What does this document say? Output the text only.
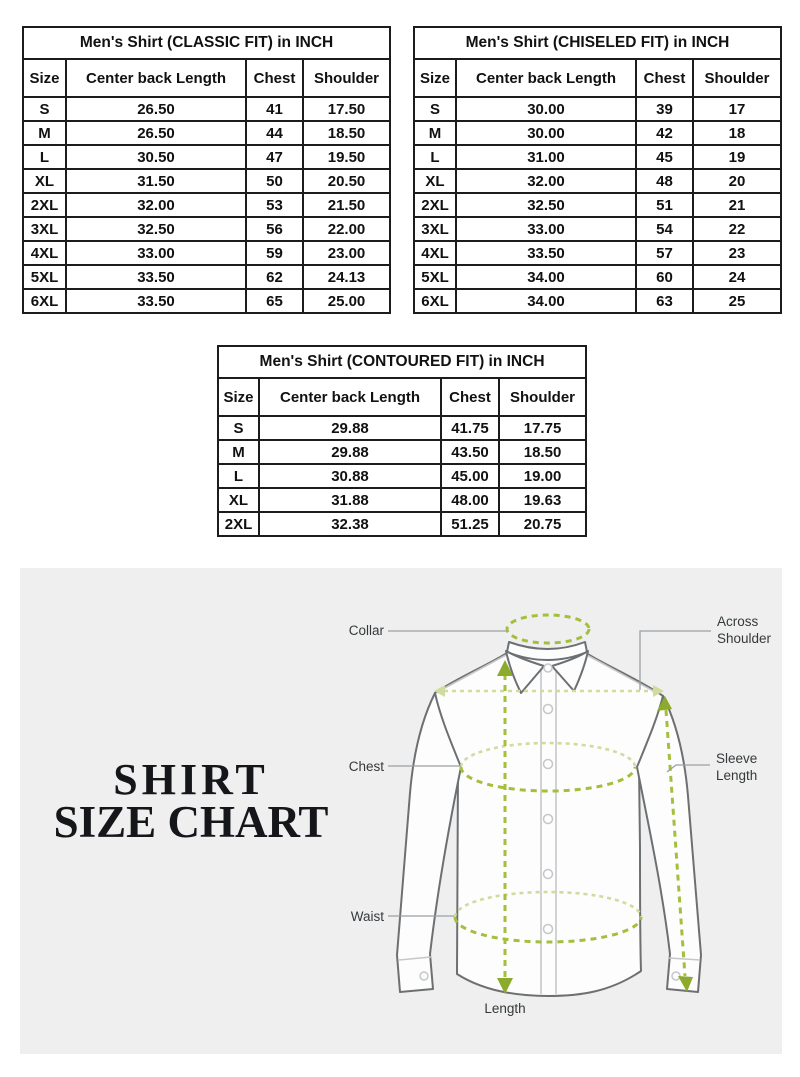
Men's Shirt (CLASSIC FIT) in INCH			
Size	Center back Length	Chest	Shoulder
S	26.50	41	17.50
M	26.50	44	18.50
L	30.50	47	19.50
XL	31.50	50	20.50
2XL	32.00	53	21.50
3XL	32.50	56	22.00
4XL	33.00	59	23.00
5XL	33.50	62	24.13
6XL	33.50	65	25.00
Men's Shirt (CHISELED FIT) in INCH			
Size	Center back Length	Chest	Shoulder
S	30.00	39	17
M	30.00	42	18
L	31.00	45	19
XL	32.00	48	20
2XL	32.50	51	21
3XL	33.00	54	22
4XL	33.50	57	23
5XL	34.00	60	24
6XL	34.00	63	25
Men's Shirt (CONTOURED FIT) in INCH			
Size	Center back Length	Chest	Shoulder
S	29.88	41.75	17.75
M	29.88	43.50	18.50
L	30.88	45.00	19.00
XL	31.88	48.00	19.63
2XL	32.38	51.25	20.75
SHIRT
SIZE CHART
Collar
Chest
Waist
Across
Shoulder
Sleeve
Length
Length
